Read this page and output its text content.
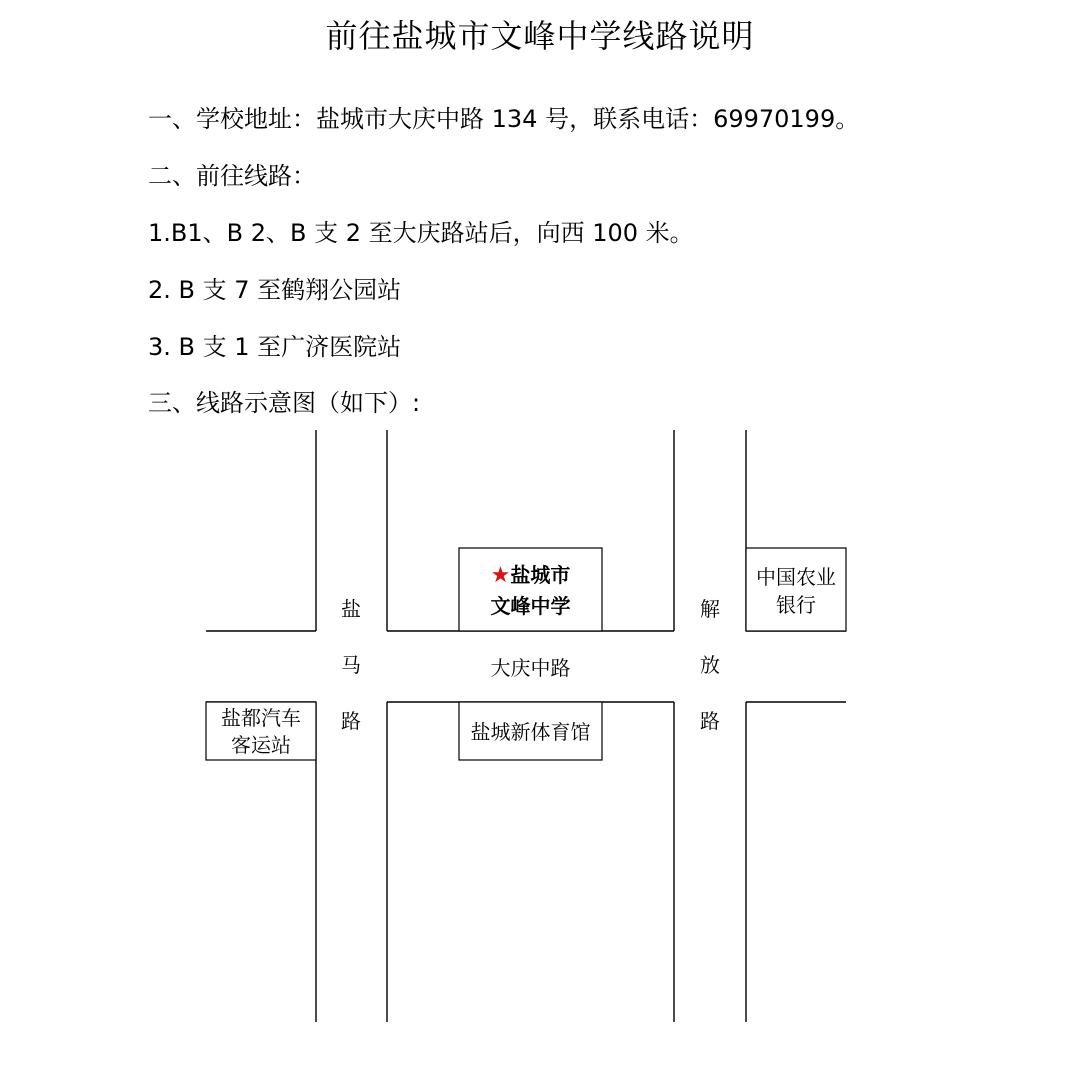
前往盐城市文峰中学线路说明
一、学校地址：盐城市大庆中路 134 号，联系电话：69970199。
二、前往线路：
1.B1、B 2、B 支 2 至大庆路站后，向西 100 米。
2. B 支 7 至鹤翔公园站
3. B 支 1 至广济医院站
三、线路示意图（如下）:
★盐城市
文峰中学
中国农业
银行
盐都汽车
客运站
盐城新体育馆
大庆中路
盐
马
路
解
放
路
